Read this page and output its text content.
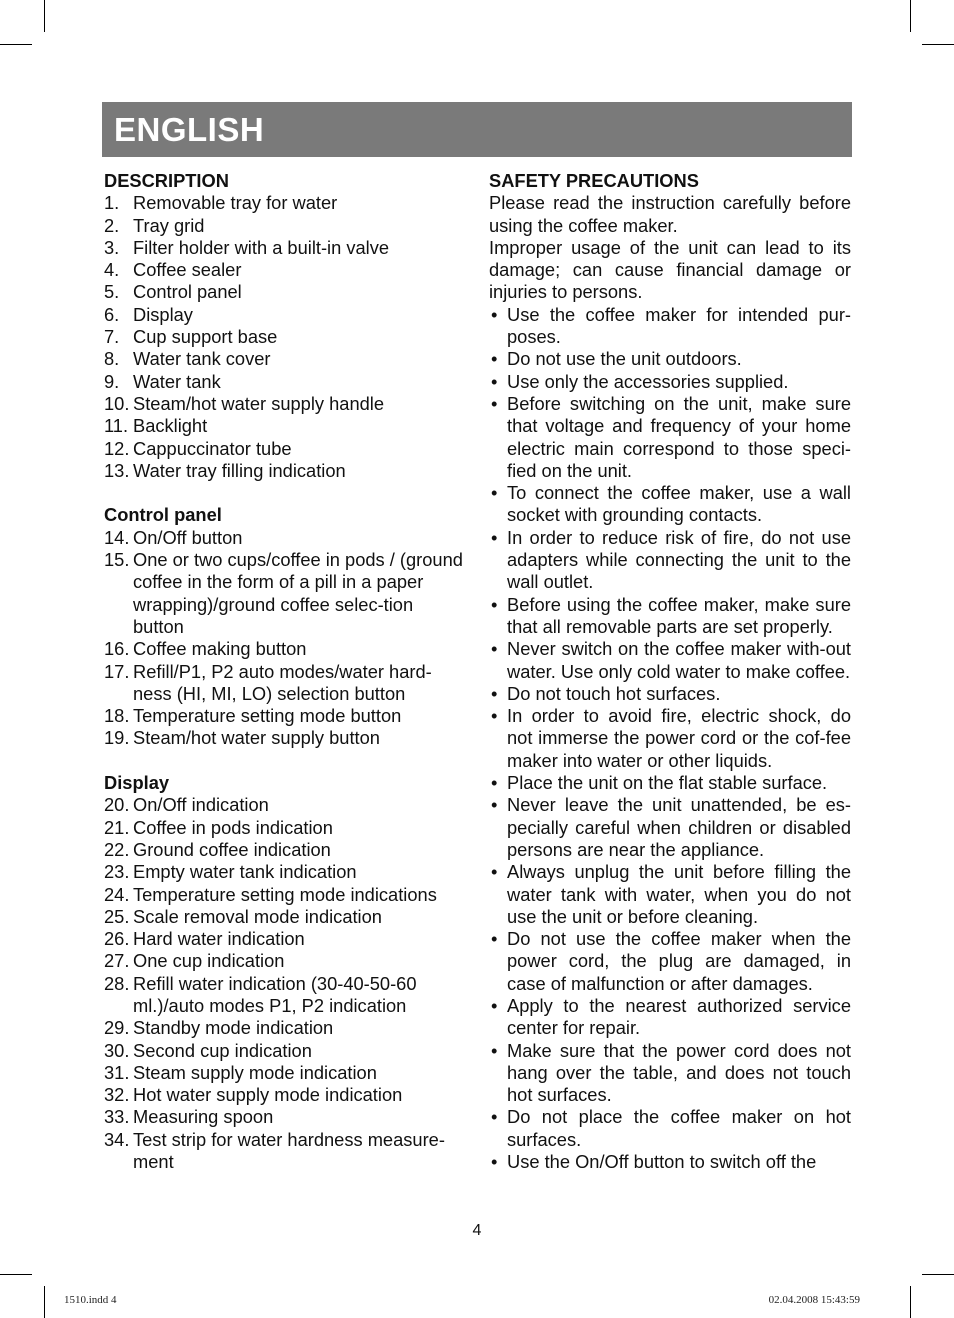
ENGLISH
DESCRIPTION
1. Removable tray for water
2. Tray grid
3. Filter holder with a built-in valve
4. Coffee sealer
5. Control panel
6. Display
7. Cup support base
8. Water tank cover
9. Water tank
10. Steam/hot water supply handle
11. Backlight
12. Cappuccinator tube
13. Water tray filling indication
Control panel
14. On/Off button
15. One or two cups/coffee in pods / (ground coffee in the form of a pill in a paper wrapping)/ground coffee selec-tion button
16. Coffee making button
17. Refill/P1, P2 auto modes/water hard-ness (HI, MI, LO) selection button
18. Temperature setting mode button
19. Steam/hot water supply button
Display
20. On/Off indication
21. Coffee in pods indication
22. Ground coffee indication
23. Empty water tank indication
24. Temperature setting mode indications
25. Scale removal mode indication
26. Hard water indication
27. One cup indication
28. Refill water indication (30-40-50-60 ml.)/auto modes P1, P2 indication
29. Standby mode indication
30. Second cup indication
31. Steam supply mode indication
32. Hot water supply mode indication
33. Measuring spoon
34. Test strip for water hardness measure-ment
SAFETY PRECAUTIONS
Please read the instruction carefully before using the coffee maker.
Improper usage of the unit can lead to its damage; can cause financial damage or injuries to persons.
• Use the coffee maker for intended pur-poses.
• Do not use the unit outdoors.
• Use only the accessories supplied.
• Before switching on the unit, make sure that voltage and frequency of your home electric main correspond to those speci-fied on the unit.
• To connect the coffee maker, use a wall socket with grounding contacts.
• In order to reduce risk of fire, do not use adapters while connecting the unit to the wall outlet.
• Before using the coffee maker, make sure that all removable parts are set properly.
• Never switch on the coffee maker with-out water. Use only cold water to make coffee.
• Do not touch hot surfaces.
• In order to avoid fire, electric shock, do not immerse the power cord or the cof-fee maker into water or other liquids.
• Place the unit on the flat stable surface.
• Never leave the unit unattended, be es-pecially careful when children or disabled persons are near the appliance.
• Always unplug the unit before filling the water tank with water, when you do not use the unit or before cleaning.
• Do not use the coffee maker when the power cord, the plug are damaged, in case of malfunction or after damages.
• Apply to the nearest authorized service center for repair.
• Make sure that the power cord does not hang over the table, and does not touch hot surfaces.
• Do not place the coffee maker on hot surfaces.
• Use the On/Off button to switch off the
4
1510.indd 4	02.04.2008 15:43:59
